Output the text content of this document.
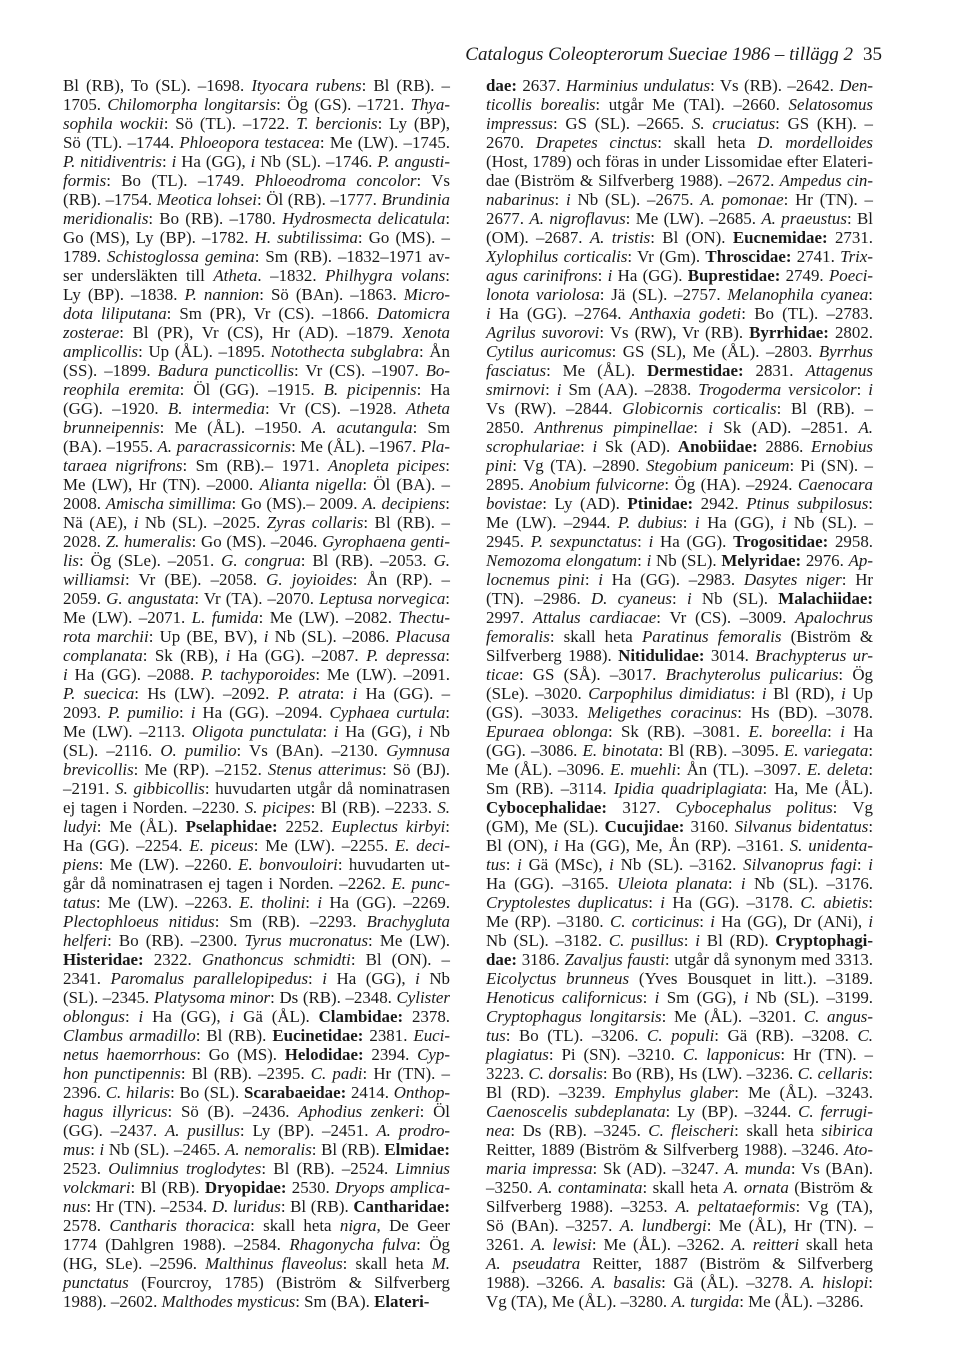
Catalogus Coleopterorum Sueciae 1986 – tillägg 2 35
Bl (RB), To (SL). –1698. Ityocara rubens: Bl (RB). –
1705. Chilomorpha longitarsis: Ög (GS). –1721. Thya-
sophila wockii: Sö (TL). –1722. T. bercionis: Ly (BP),
Sö (TL). –1744. Phloeopora testacea: Me (LW). –1745.
P. nitidiventris: i Ha (GG), i Nb (SL). –1746. P. angusti-
formis: Bo (TL). –1749. Phloeodroma concolor: Vs
(RB). –1754. Meotica lohsei: Öl (RB). –1777. Brundinia
meridionalis: Bo (RB). –1780. Hydrosmecta delicatula:
Go (MS), Ly (BP). –1782. H. subtilissima: Go (MS). –
1789. Schistoglossa gemina: Sm (RB). –1832–1971 av-
ser undersläkten till Atheta. –1832. Philhygra volans:
Ly (BP). –1838. P. nannion: Sö (BAn). –1863. Micro-
dota liliputana: Sm (PR), Vr (CS). –1866. Datomicra
zosterae: Bl (PR), Vr (CS), Hr (AD). –1879. Xenota
amplicollis: Up (ÅL). –1895. Notothecta subglabra: Ån
(SS). –1899. Badura puncticollis: Vr (CS). –1907. Bo-
reophila eremita: Öl (GG). –1915. B. picipennis: Ha
(GG). –1920. B. intermedia: Vr (CS). –1928. Atheta
brunneipennis: Me (ÅL). –1950. A. acutangula: Sm
(BA). –1955. A. paracrassicornis: Me (ÅL). –1967. Pla-
taraea nigrifrons: Sm (RB).– 1971. Anopleta picipes:
Me (LW), Hr (TN). –2000. Alianta nigella: Öl (BA). –
2008. Amischa simillima: Go (MS).– 2009. A. decipiens:
Nä (AE), i Nb (SL). –2025. Zyras collaris: Bl (RB). –
2028. Z. humeralis: Go (MS). –2046. Gyrophaena genti-
lis: Ög (SLe). –2051. G. congrua: Bl (RB). –2053. G.
williamsi: Vr (BE). –2058. G. joyioides: Ån (RP). –
2059. G. angustata: Vr (TA). –2070. Leptusa norvegica:
Me (LW). –2071. L. fumida: Me (LW). –2082. Thectu-
rota marchii: Up (BE, BV), i Nb (SL). –2086. Placusa
complanata: Sk (RB), i Ha (GG). –2087. P. depressa:
i Ha (GG). –2088. P. tachyporoides: Me (LW). –2091.
P. suecica: Hs (LW). –2092. P. atrata: i Ha (GG). –
2093. P. pumilio: i Ha (GG). –2094. Cyphaea curtula:
Me (LW). –2113. Oligota punctulata: i Ha (GG), i Nb
(SL). –2116. O. pumilio: Vs (BAn). –2130. Gymnusa
brevicollis: Me (RP). –2152. Stenus atterimus: Sö (BJ).
–2191. S. gibbicollis: huvudarten utgår då nominatrasen
ej tagen i Norden. –2230. S. picipes: Bl (RB). –2233. S.
ludyi: Me (ÅL). Pselaphidae: 2252. Euplectus kirbyi:
Ha (GG). –2254. E. piceus: Me (LW). –2255. E. deci-
piens: Me (LW). –2260. E. bonvouloiri: huvudarten ut-
går då nominatrasen ej tagen i Norden. –2262. E. punc-
tatus: Me (LW). –2263. E. tholini: i Ha (GG). –2269.
Plectophloeus nitidus: Sm (RB). –2293. Brachygluta
helferi: Bo (RB). –2300. Tyrus mucronatus: Me (LW).
Histeridae: 2322. Gnathoncus schmidti: Bl (ON). –
2341. Paromalus parallelopipedus: i Ha (GG), i Nb
(SL). –2345. Platysoma minor: Ds (RB). –2348. Cylister
oblongus: i Ha (GG), i Gä (ÅL). Clambidae: 2378.
Clambus armadillo: Bl (RB). Eucinetidae: 2381. Euci-
netus haemorrhous: Go (MS). Helodidae: 2394. Cyp-
hon punctipennis: Bl (RB). –2395. C. padi: Hr (TN). –
2396. C. hilaris: Bo (SL). Scarabaeidae: 2414. Onthop-
hagus illyricus: Sö (B). –2436. Aphodius zenkeri: Öl
(GG). –2437. A. pusillus: Ly (BP). –2451. A. prodro-
mus: i Nb (SL). –2465. A. nemoralis: Bl (RB). Elmidae:
2523. Oulimnius troglodytes: Bl (RB). –2524. Limnius
volckmari: Bl (RB). Dryopidae: 2530. Dryops amplica-
nus: Hr (TN). –2534. D. luridus: Bl (RB). Cantharidae:
2578. Cantharis thoracica: skall heta nigra, De Geer
1774 (Dahlgren 1988). –2584. Rhagonycha fulva: Ög
(HG, SLe). –2596. Malthinus flaveolus: skall heta M.
punctatus (Fourcroy, 1785) (Biström & Silfverberg
1988). –2602. Malthodes mysticus: Sm (BA). Elateri-
dae: 2637. Harminius undulatus: Vs (RB). –2642. Den-
ticollis borealis: utgår Me (TAl). –2660. Selatosomus
impressus: GS (SL). –2665. S. cruciatus: GS (KH). –
2670. Drapetes cinctus: skall heta D. mordelloides
(Host, 1789) och föras in under Lissomidae efter Elateri-
dae (Biström & Silfverberg 1988). –2672. Ampedus cin-
nabarinus: i Nb (SL). –2675. A. pomonae: Hr (TN). –
2677. A. nigroflavus: Me (LW). –2685. A. praeustus: Bl
(OM). –2687. A. tristis: Bl (ON). Eucnemidae: 2731.
Xylophilus corticalis: Vr (Gm). Throscidae: 2741. Trix-
agus carinifrons: i Ha (GG). Buprestidae: 2749. Poeci-
lonota variolosa: Jä (SL). –2757. Melanophila cyanea:
i Ha (GG). –2764. Anthaxia godeti: Bo (TL). –2783.
Agrilus suvorovi: Vs (RW), Vr (RB). Byrrhidae: 2802.
Cytilus auricomus: GS (SL), Me (ÅL). –2803. Byrrhus
fasciatus: Me (ÅL). Dermestidae: 2831. Attagenus
smirnovi: i Sm (AA). –2838. Trogoderma versicolor: i
Vs (RW). –2844. Globicornis corticalis: Bl (RB). –
2850. Anthrenus pimpinellae: i Sk (AD). –2851. A.
scrophulariae: i Sk (AD). Anobiidae: 2886. Ernobius
pini: Vg (TA). –2890. Stegobium paniceum: Pi (SN). –
2895. Anobium fulvicorne: Ög (HA). –2924. Caenocara
bovistae: Ly (AD). Ptinidae: 2942. Ptinus subpilosus:
Me (LW). –2944. P. dubius: i Ha (GG), i Nb (SL). –
2945. P. sexpunctatus: i Ha (GG). Trogositidae: 2958.
Nemozoma elongatum: i Nb (SL). Melyridae: 2976. Ap-
locnemus pini: i Ha (GG). –2983. Dasytes niger: Hr
(TN). –2986. D. cyaneus: i Nb (SL). Malachiidae:
2997. Attalus cardiacae: Vr (CS). –3009. Apalochrus
femoralis: skall heta Paratinus femoralis (Biström &
Silfverberg 1988). Nitidulidae: 3014. Brachypterus ur-
ticae: GS (SÅ). –3017. Brachyterolus pulicarius: Ög
(SLe). –3020. Carpophilus dimidiatus: i Bl (RD), i Up
(GS). –3033. Meligethes coracinus: Hs (BD). –3078.
Epuraea oblonga: Sk (RB). –3081. E. boreella: i Ha
(GG). –3086. E. binotata: Bl (RB). –3095. E. variegata:
Me (ÅL). –3096. E. muehli: Ån (TL). –3097. E. deleta:
Sm (RB). –3114. Ipidia quadriplagiata: Ha, Me (ÅL).
Cybocephalidae: 3127. Cybocephalus politus: Vg
(GM), Me (SL). Cucujidae: 3160. Silvanus bidentatus:
Bl (ON), i Ha (GG), Me, Ån (RP). –3161. S. unidenta-
tus: i Gä (MSc), i Nb (SL). –3162. Silvanoprus fagi: i
Ha (GG). –3165. Uleiota planata: i Nb (SL). –3176.
Cryptolestes duplicatus: i Ha (GG). –3178. C. abietis:
Me (RP). –3180. C. corticinus: i Ha (GG), Dr (ANi), i
Nb (SL). –3182. C. pusillus: i Bl (RD). Cryptophagi-
dae: 3186. Zavaljus fausti: utgår då synonym med 3313.
Eicolyctus brunneus (Yves Bousquet in litt.). –3189.
Henoticus californicus: i Sm (GG), i Nb (SL). –3199.
Cryptophagus longitarsis: Me (ÅL). –3201. C. angus-
tus: Bo (TL). –3206. C. populi: Gä (RB). –3208. C.
plagiatus: Pi (SN). –3210. C. lapponicus: Hr (TN). –
3223. C. dorsalis: Bo (RB), Hs (LW). –3236. C. cellaris:
Bl (RD). –3239. Emphylus glaber: Me (ÅL). –3243.
Caenoscelis subdeplanata: Ly (BP). –3244. C. ferrugi-
nea: Ds (RB). –3245. C. fleischeri: skall heta sibirica
Reitter, 1889 (Biström & Silfverberg 1988). –3246. Ato-
maria impressa: Sk (AD). –3247. A. munda: Vs (BAn).
–3250. A. contaminata: skall heta A. ornata (Biström &
Silfverberg 1988). –3253. A. peltataeformis: Vg (TA),
Sö (BAn). –3257. A. lundbergi: Me (ÅL), Hr (TN). –
3261. A. lewisi: Me (ÅL). –3262. A. reitteri skall heta
A. pseudatra Reitter, 1887 (Biström & Silfverberg
1988). –3266. A. basalis: Gä (ÅL). –3278. A. hislopi:
Vg (TA), Me (ÅL). –3280. A. turgida: Me (ÅL). –3286.
